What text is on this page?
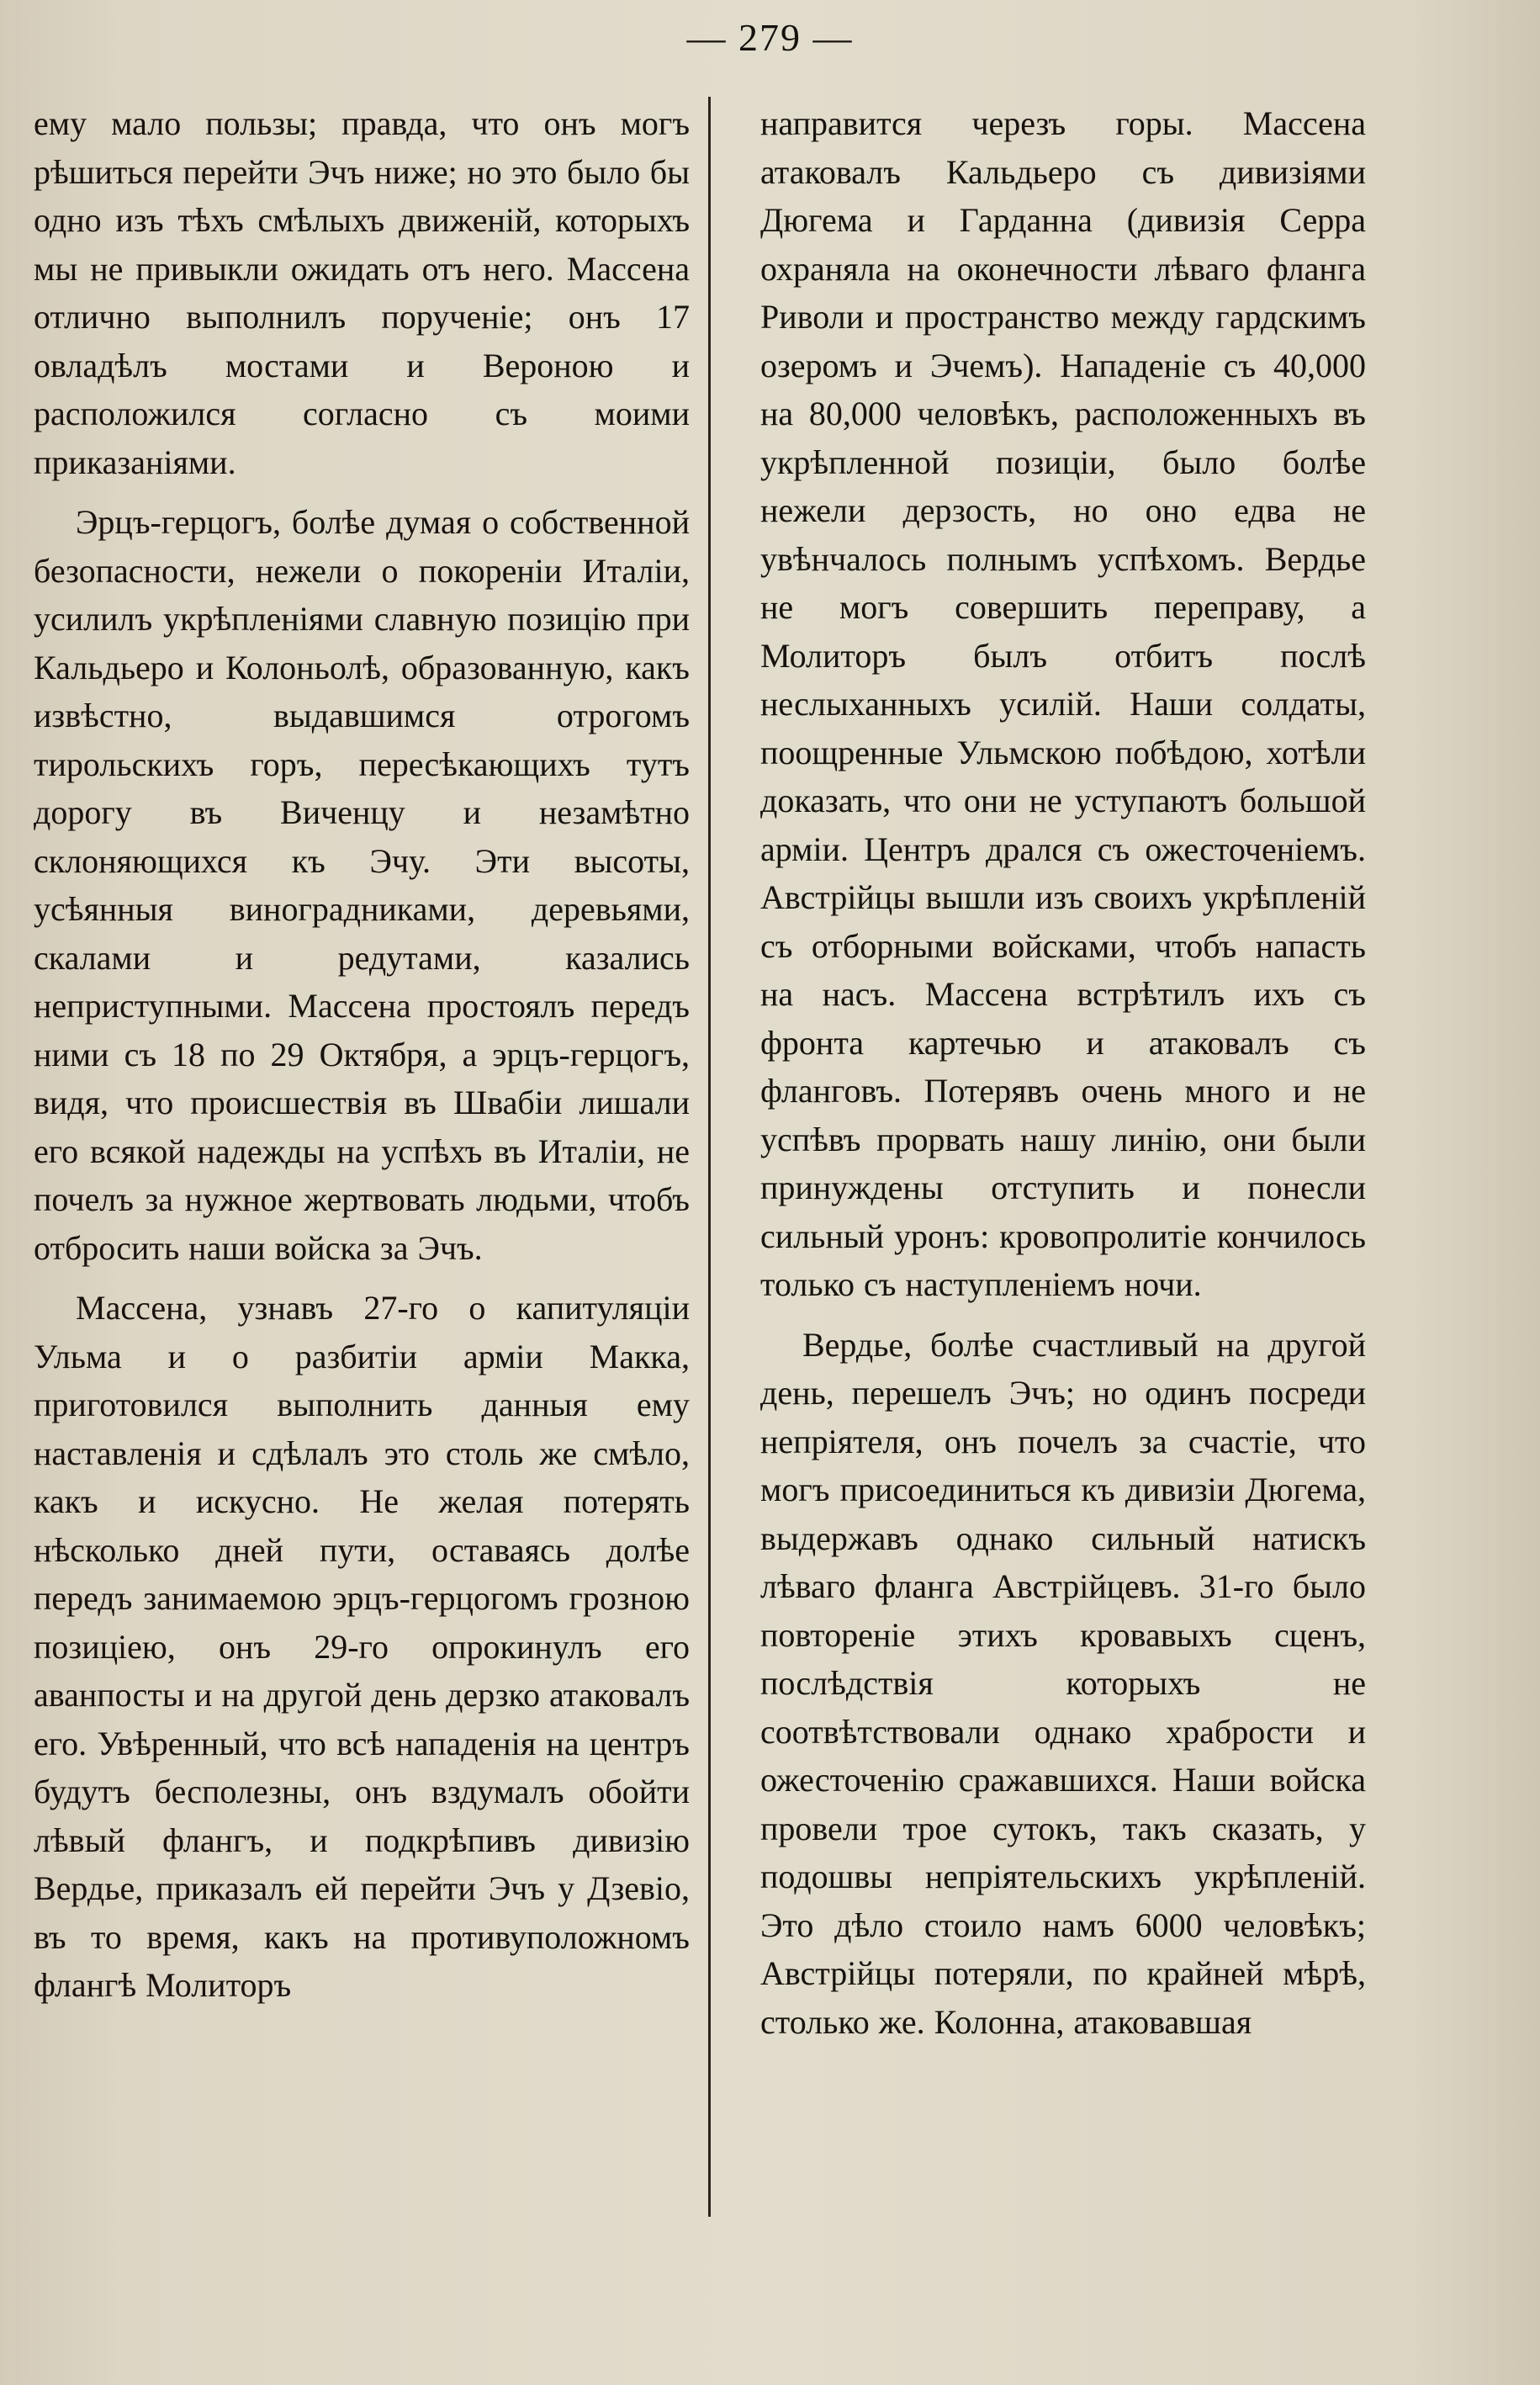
— 279 —

ему мало пользы; правда, что онъ могъ рѣшиться перейти Эчъ ниже; но это было бы одно изъ тѣхъ смѣлыхъ движеній, которыхъ мы не привыкли ожидать отъ него. Массена отлично выполнилъ порученіе; онъ 17 овладѣлъ мостами и Вероною и расположился согласно съ моими приказаніями.

Эрцъ-герцогъ, болѣе думая о собственной безопасности, нежели о покореніи Италіи, усилилъ укрѣпленіями славную позицію при Кальдьеро и Колоньолѣ, образованную, какъ извѣстно, выдавшимся отрогомъ тирольскихъ горъ, пересѣкающихъ тутъ дорогу въ Виченцу и незамѣтно склоняющихся къ Эчу. Эти высоты, усѣянныя виноградниками, деревьями, скалами и редутами, казались неприступными. Массена простоялъ передъ ними съ 18 по 29 Октября, а эрцъ-герцогъ, видя, что происшествія въ Швабіи лишали его всякой надежды на успѣхъ въ Италіи, не почелъ за нужное жертвовать людьми, чтобъ отбросить наши войска за Эчъ.

Массена, узнавъ 27-го о капитуляціи Ульма и о разбитіи арміи Макка, приготовился выполнить данныя ему наставленія и сдѣлалъ это столь же смѣло, какъ и искусно. Не желая потерять нѣсколько дней пути, оставаясь долѣе передъ занимаемою эрцъ-герцогомъ грозною позиціею, онъ 29-го опрокинулъ его аванпосты и на другой день дерзко атаковалъ его. Увѣренный, что всѣ нападенія на центръ будутъ бесполезны, онъ вздумалъ обойти лѣвый флангъ, и подкрѣпивъ дивизію Вердье, приказалъ ей перейти Эчъ у Дзевіо, въ то время, какъ на противуположномъ флангѣ Молиторъ

направится черезъ горы. Массена атаковалъ Кальдьеро съ дивизіями Дюгема и Гарданна (дивизія Серра охраняла на оконечности лѣваго фланга Риволи и пространство между гардскимъ озеромъ и Эчемъ). Нападеніе съ 40,000 на 80,000 человѣкъ, расположенныхъ въ укрѣпленной позиціи, было болѣе нежели дерзость, но оно едва не увѣнчалось полнымъ успѣхомъ. Вердье не могъ совершить переправу, а Молиторъ былъ отбитъ послѣ неслыханныхъ усилій. Наши солдаты, поощренные Ульмскою побѣдою, хотѣли доказать, что они не уступаютъ большой арміи. Центръ дрался съ ожесточеніемъ. Австрійцы вышли изъ своихъ укрѣпленій съ отборными войсками, чтобъ напасть на насъ. Массена встрѣтилъ ихъ съ фронта картечью и атаковалъ съ фланговъ. Потерявъ очень много и не успѣвъ прорвать нашу линію, они были принуждены отступить и понесли сильный уронъ: кровопролитіе кончилось только съ наступленіемъ ночи.

Вердье, болѣе счастливый на другой день, перешелъ Эчъ; но одинъ посреди непріятеля, онъ почелъ за счастіе, что могъ присоединиться къ дивизіи Дюгема, выдержавъ однако сильный натискъ лѣваго фланга Австрійцевъ. 31-го было повтореніе этихъ кровавыхъ сценъ, послѣдствія которыхъ не соотвѣтствовали однако храбрости и ожесточенію сражавшихся. Наши войска провели трое сутокъ, такъ сказать, у подошвы непріятельскихъ укрѣпленій. Это дѣло стоило намъ 6000 человѣкъ; Австрійцы потеряли, по крайней мѣрѣ, столько же. Колонна, атаковавшая
